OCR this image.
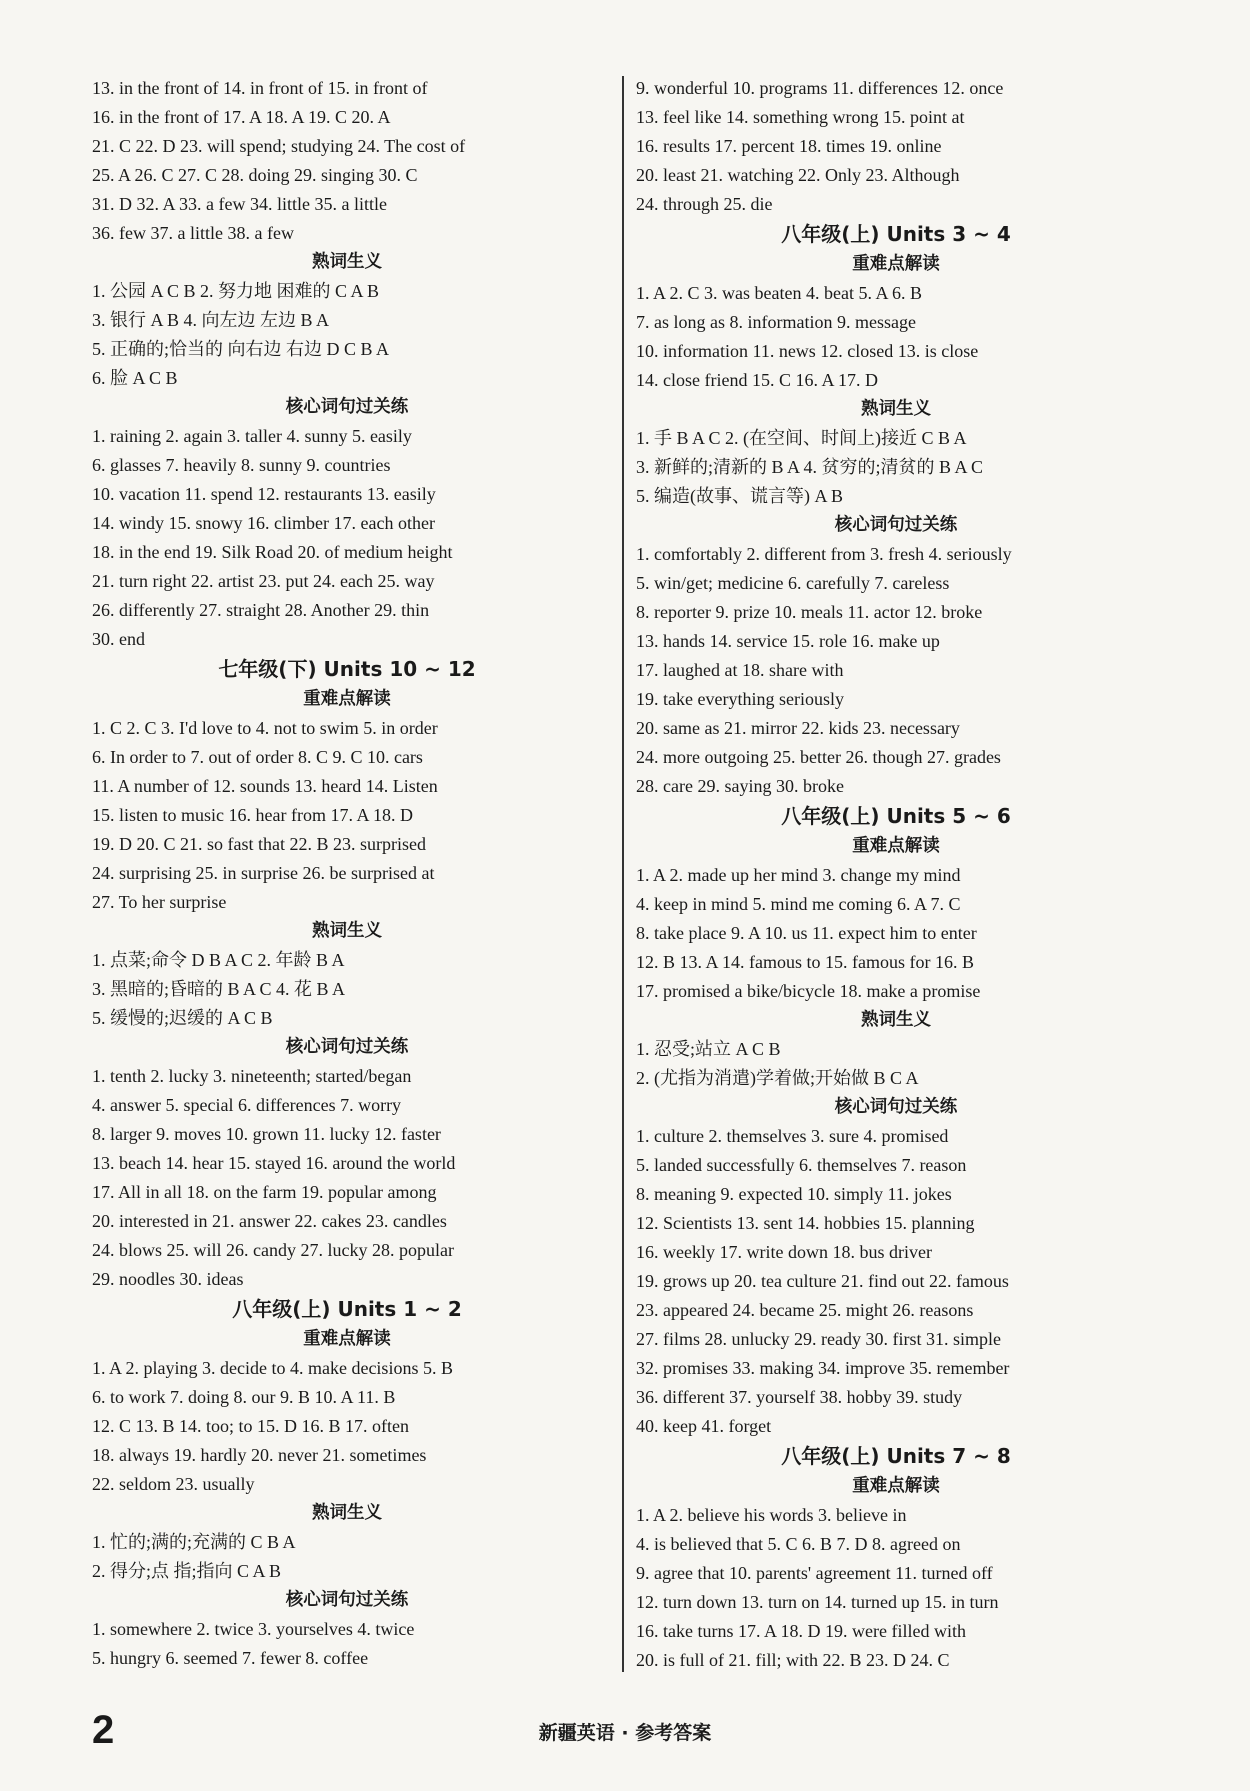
13. in the front of 14. in front of 15. in front of
16. in the front of 17. A 18. A 19. C 20. A
21. C 22. D 23. will spend; studying 24. The cost of
25. A 26. C 27. C 28. doing 29. singing 30. C
31. D 32. A 33. a few 34. little 35. a little
36. few 37. a little 38. a few
熟词生义
1. 公园 A C B 2. 努力地 困难的 C A B
3. 银行 A B 4. 向左边 左边 B A
5. 正确的;恰当的 向右边 右边 D C B A
6. 脸 A C B
核心词句过关练
1. raining 2. again 3. taller 4. sunny 5. easily
6. glasses 7. heavily 8. sunny 9. countries
10. vacation 11. spend 12. restaurants 13. easily
14. windy 15. snowy 16. climber 17. each other
18. in the end 19. Silk Road 20. of medium height
21. turn right 22. artist 23. put 24. each 25. way
26. differently 27. straight 28. Another 29. thin
30. end
七年级(下) Units 10 ~ 12
重难点解读
1. C 2. C 3. I'd love to 4. not to swim 5. in order
6. In order to 7. out of order 8. C 9. C 10. cars
11. A number of 12. sounds 13. heard 14. Listen
15. listen to music 16. hear from 17. A 18. D
19. D 20. C 21. so fast that 22. B 23. surprised
24. surprising 25. in surprise 26. be surprised at
27. To her surprise
熟词生义
1. 点菜;命令 D B A C 2. 年龄 B A
3. 黑暗的;昏暗的 B A C 4. 花 B A
5. 缓慢的;迟缓的 A C B
核心词句过关练
1. tenth 2. lucky 3. nineteenth; started/began
4. answer 5. special 6. differences 7. worry
8. larger 9. moves 10. grown 11. lucky 12. faster
13. beach 14. hear 15. stayed 16. around the world
17. All in all 18. on the farm 19. popular among
20. interested in 21. answer 22. cakes 23. candles
24. blows 25. will 26. candy 27. lucky 28. popular
29. noodles 30. ideas
八年级(上) Units 1 ~ 2
重难点解读
1. A 2. playing 3. decide to 4. make decisions 5. B
6. to work 7. doing 8. our 9. B 10. A 11. B
12. C 13. B 14. too; to 15. D 16. B 17. often
18. always 19. hardly 20. never 21. sometimes
22. seldom 23. usually
熟词生义
1. 忙的;满的;充满的 C B A
2. 得分;点 指;指向 C A B
核心词句过关练
1. somewhere 2. twice 3. yourselves 4. twice
5. hungry 6. seemed 7. fewer 8. coffee
9. wonderful 10. programs 11. differences 12. once
13. feel like 14. something wrong 15. point at
16. results 17. percent 18. times 19. online
20. least 21. watching 22. Only 23. Although
24. through 25. die
八年级(上) Units 3 ~ 4
重难点解读
1. A 2. C 3. was beaten 4. beat 5. A 6. B
7. as long as 8. information 9. message
10. information 11. news 12. closed 13. is close
14. close friend 15. C 16. A 17. D
熟词生义
1. 手 B A C 2. (在空间、时间上)接近 C B A
3. 新鲜的;清新的 B A 4. 贫穷的;清贫的 B A C
5. 编造(故事、谎言等) A B
核心词句过关练
1. comfortably 2. different from 3. fresh 4. seriously
5. win/get; medicine 6. carefully 7. careless
8. reporter 9. prize 10. meals 11. actor 12. broke
13. hands 14. service 15. role 16. make up
17. laughed at 18. share with
19. take everything seriously
20. same as 21. mirror 22. kids 23. necessary
24. more outgoing 25. better 26. though 27. grades
28. care 29. saying 30. broke
八年级(上) Units 5 ~ 6
重难点解读
1. A 2. made up her mind 3. change my mind
4. keep in mind 5. mind me coming 6. A 7. C
8. take place 9. A 10. us 11. expect him to enter
12. B 13. A 14. famous to 15. famous for 16. B
17. promised a bike/bicycle 18. make a promise
熟词生义
1. 忍受;站立 A C B
2. (尤指为消遣)学着做;开始做 B C A
核心词句过关练
1. culture 2. themselves 3. sure 4. promised
5. landed successfully 6. themselves 7. reason
8. meaning 9. expected 10. simply 11. jokes
12. Scientists 13. sent 14. hobbies 15. planning
16. weekly 17. write down 18. bus driver
19. grows up 20. tea culture 21. find out 22. famous
23. appeared 24. became 25. might 26. reasons
27. films 28. unlucky 29. ready 30. first 31. simple
32. promises 33. making 34. improve 35. remember
36. different 37. yourself 38. hobby 39. study
40. keep 41. forget
八年级(上) Units 7 ~ 8
重难点解读
1. A 2. believe his words 3. believe in
4. is believed that 5. C 6. B 7. D 8. agreed on
9. agree that 10. parents' agreement 11. turned off
12. turn down 13. turn on 14. turned up 15. in turn
16. take turns 17. A 18. D 19. were filled with
20. is full of 21. fill; with 22. B 23. D 24. C
2	新疆英语 · 参考答案
